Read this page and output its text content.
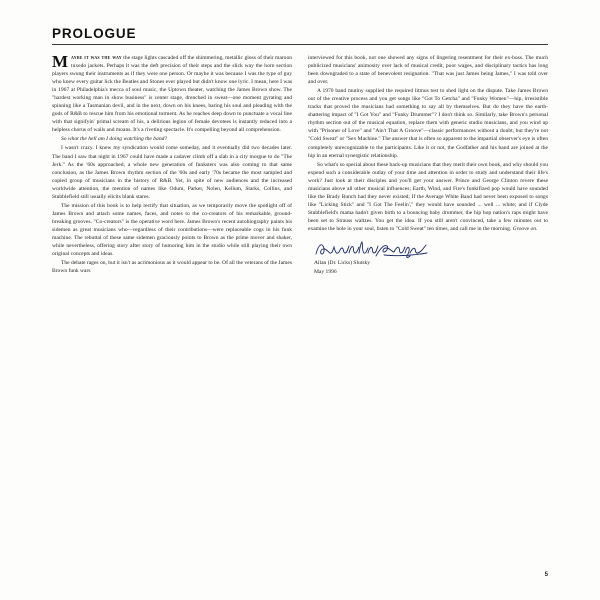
PROLOGUE

Maybe it was the way the stage lights cascaded off the shimmering, metallic gloss of their maroon tuxedo jackets. Perhaps it was the deft precision of their steps and the slick way the horn section players swung their instruments as if they were one person. Or maybe it was because I was the type of guy who knew every guitar lick the Beatles and Stones ever played but didn't know one lyric. I mean, here I was in 1967 at Philadelphia's mecca of soul music, the Uptown theater, watching the James Brown show. The "hardest working man in show business" is center stage, drenched in sweat—one moment gyrating and spinning like a Tasmanian devil, and in the next, down on his knees, baring his soul and pleading with the gods of R&B to rescue him from his emotional torment. As he reaches deep down to punctuate a vocal line with that signifyin' primal scream of his, a delirious legion of female devotees is instantly reduced into a helpless chorus of wails and moans. It's a riveting spectacle. It's compelling beyond all comprehension.

So what the hell am I doing watching the band?

I wasn't crazy. I knew my syndication would come someday, and it eventually did two decades later. The band I saw that night in 1967 could have made a cadaver climb off a slab in a city morgue to do "The Jerk." As the '60s approached, a whole new generation of funksters was also coming to that same conclusion, as the James Brown rhythm section of the '60s and early '70s became the most sampled and copied group of musicians in the history of R&B. Yet, in spite of new audiences and the increased worldwide attention, the mention of names like Odum, Parker, Nolen, Kellum, Starks, Collins, and Stubblefield still usually elicits blank stares.

The mission of this book is to help rectify that situation, as we temporarily move the spotlight off of James Brown and attach some names, faces, and notes to the co-creators of his remarkable, ground-breaking grooves. "Co-creators" is the operative word here. James Brown's recent autobiography paints his sidemen as great musicians who—regardless of their contributions—were replaceable cogs in his funk machine. The rebuttal of these same sidemen graciously points to Brown as the prime mover and shaker, while nevertheless, offering story after story of humoring him in the studio while still playing their own original concepts and ideas.

The debate rages on, but it isn't as acrimonious as it would appear to be. Of all the veterans of the James Brown funk wars

interviewed for this book, not one showed any signs of lingering resentment for their ex-boss. The much publicized musicians' animosity over lack of musical credit, poor wages, and disciplinary tactics has long been downgraded to a state of benevolent resignation. "That was just James being James," I was told over and over.

A 1970 band mutiny supplied the required litmus test to shed light on the dispute. Take James Brown out of the creative process and you get songs like "Got To Getcha" and "Funky Women"—hip, irresistible tracks that proved the musicians had something to say all by themselves. But do they have the earth-shattering impact of "I Got You" and "Funky Drummer"? I don't think so. Similarly, take Brown's personal rhythm section out of the musical equation, replace them with generic studio musicians, and you wind up with "Prisoner of Love" and "Ain't That A Groove"—classic performances without a doubt, but they're not "Cold Sweat" or "Sex Machine." The answer that is often so apparent to the impartial observer's eye is often completely unrecognizable to the participants. Like it or not, the Godfather and his band are joined at the hip in an eternal synergistic relationship.

So what's so special about these back-up musicians that they merit their own book, and why should you expend such a considerable outlay of your time and attention in order to study and understand their life's work? Just look at their disciples and you'll get your answer. Prince and George Clinton revere these musicians above all other musical influences; Earth, Wind, and Fire's funkifized pop would have sounded like the Brady Bunch had they never existed; If the Average White Band had never been exposed to songs like "Licking Stick" and "I Got The Feelin'," they would have sounded ... well ... white; and if Clyde Stubblefield's mama hadn't given birth to a bouncing baby drummer, the hip hop nation's raps might have been set to Strauss waltzes. You get the idea. If you still aren't convinced, take a few minutes out to examine the hole in your soul, listen to "Cold Sweat" ten times, and call me in the morning. Groove on.

Allan (Dr. Licks) Slutsky

May 1996

5
